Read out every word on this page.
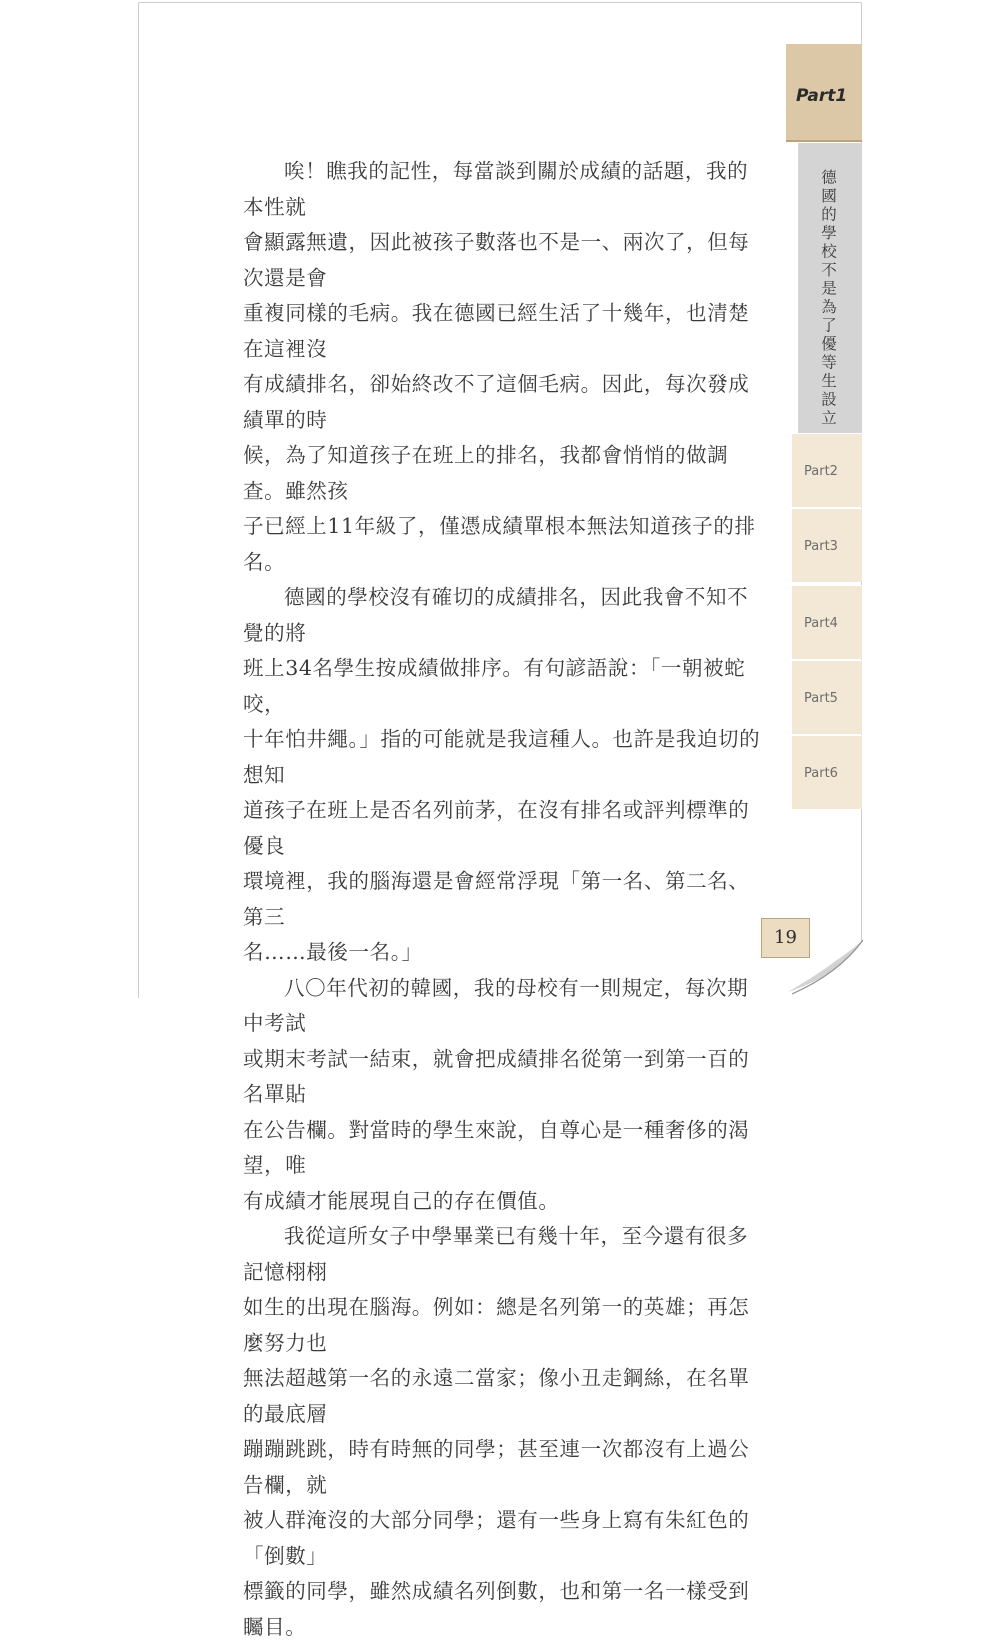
唉！瞧我的記性，每當談到關於成績的話題，我的本性就
會顯露無遺，因此被孩子數落也不是一、兩次了，但每次還是會
重複同樣的毛病。我在德國已經生活了十幾年，也清楚在這裡沒
有成績排名，卻始終改不了這個毛病。因此，每次發成績單的時
候，為了知道孩子在班上的排名，我都會悄悄的做調查。雖然孩
子已經上11年級了，僅憑成績單根本無法知道孩子的排名。

德國的學校沒有確切的成績排名，因此我會不知不覺的將
班上34名學生按成績做排序。有句諺語說：「一朝被蛇咬，
十年怕井繩。」指的可能就是我這種人。也許是我迫切的想知
道孩子在班上是否名列前茅，在沒有排名或評判標準的優良
環境裡，我的腦海還是會經常浮現「第一名、第二名、第三
名……最後一名。」

八〇年代初的韓國，我的母校有一則規定，每次期中考試
或期末考試一結束，就會把成績排名從第一到第一百的名單貼
在公告欄。對當時的學生來說，自尊心是一種奢侈的渴望，唯
有成績才能展現自己的存在價值。

我從這所女子中學畢業已有幾十年，至今還有很多記憶栩栩
如生的出現在腦海。例如：總是名列第一的英雄；再怎麼努力也
無法超越第一名的永遠二當家；像小丑走鋼絲，在名單的最底層
蹦蹦跳跳，時有時無的同學；甚至連一次都沒有上過公告欄，就
被人群淹沒的大部分同學；還有一些身上寫有朱紅色的「倒數」
標籤的同學，雖然成績名列倒數，也和第一名一樣受到矚目。

Part1
德國的學校不是為了優等生設立
Part2
Part3
Part4
Part5
Part6
19
